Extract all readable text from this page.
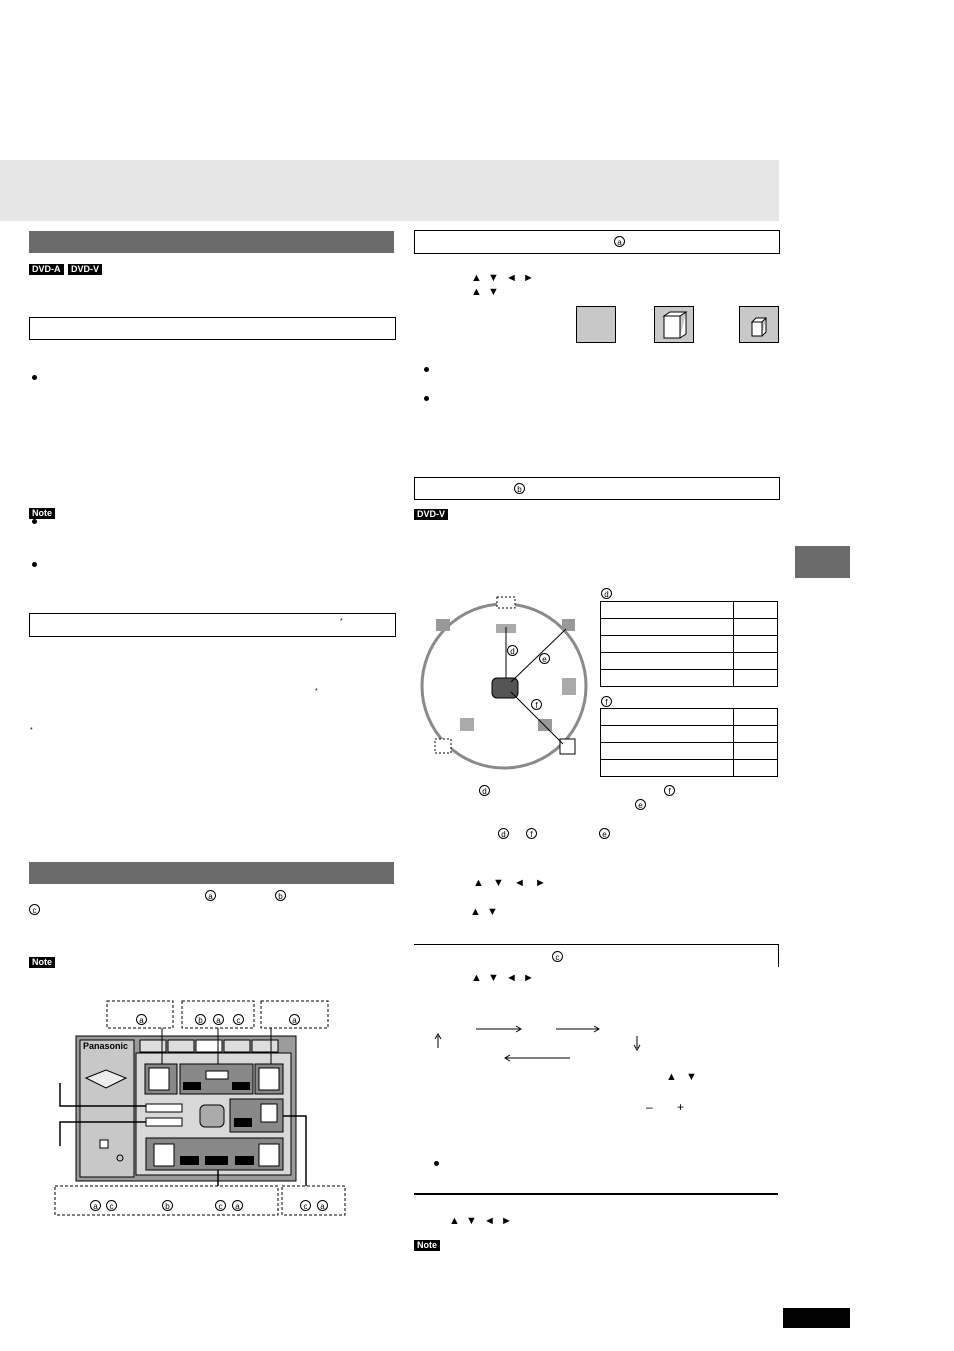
DVD-A DVD-V
Note
*
*
*
a	b
c
Note
Panasonic
a	b	a	c	a
a	c	b	c	a	c	a
a
▲ ▼ ◄ ►
▲ ▼
b
DVD-V
d
e
f
d

f

d	f
e
d	f	e
▲ ▼ ◄ ►
▲ ▼
c
▲ ▼ ◄ ►
▲ ▼
– +
▲ ▼ ◄ ►
Note
